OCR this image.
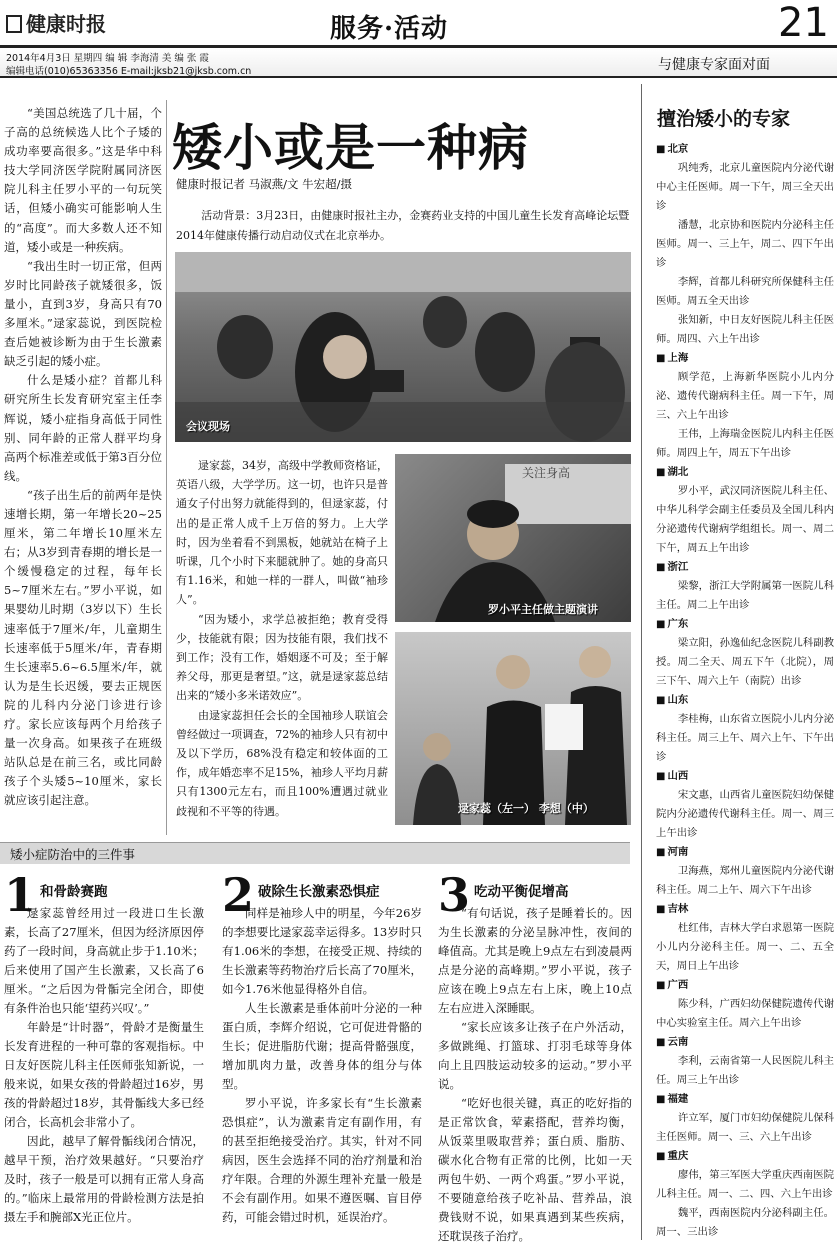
健康时报	服务·活动	21
2014年4月3日 星期四 编 辑 李海清 美 编 张 霞
编辑电话(010)65363356 E-mail:jksb21@jksb.com.cn	与健康专家面对面

“美国总统选了几十届，个子高的总统候选人比个子矮的成功率要高很多。”这是华中科技大学同济医学院附属同济医院儿科主任罗小平的一句玩笑话，但矮小确实可能影响人生的“高度”。而大多数人还不知道，矮小或是一种疾病。

“我出生时一切正常，但两岁时比同龄孩子就矮很多，饭量小，直到3岁，身高只有70多厘米。”逯家蕊说，到医院检查后她被诊断为由于生长激素缺乏引起的矮小症。

什么是矮小症？首都儿科研究所生长发育研究室主任李辉说，矮小症指身高低于同性别、同年龄的正常人群平均身高两个标准差或低于第3百分位线。

“孩子出生后的前两年是快速增长期，第一年增长20~25厘米，第二年增长10厘米左右；从3岁到青春期的增长是一个缓慢稳定的过程，每年长5~7厘米左右。”罗小平说，如果婴幼儿时期（3岁以下）生长速率低于7厘米/年，儿童期生长速率低于5厘米/年，青春期生长速率5.6~6.5厘米/年，就认为是生长迟缓，要去正规医院的儿科内分泌门诊进行诊疗。家长应该每两个月给孩子量一次身高。如果孩子在班级站队总是在前三名，或比同龄孩子个头矮5~10厘米，家长就应该引起注意。

矮小或是一种病
健康时报记者 马淑燕/文 牛宏超/摄
活动背景：3月23日，由健康时报社主办，金赛药业支持的中国儿童生长发育高峰论坛暨2014年健康传播行动启动仪式在北京举办。
会议现场

逯家蕊，34岁，高级中学教师资格证，英语八级，大学学历。这一切，也许只是普通女子付出努力就能得到的，但逯家蕊，付出的是正常人成千上万倍的努力。上大学时，因为坐着看不到黑板，她就站在椅子上听课，几个小时下来腿就肿了。她的身高只有1.16米，和她一样的一群人，叫做“袖珍人”。

“因为矮小，求学总被拒绝；教育受得少，技能就有限；因为技能有限，我们找不到工作；没有工作，婚姻逐不可及；至于解养父母，那更是奢望。”这，就是逯家蕊总结出来的“矮小多米诺效应”。

由逯家蕊担任会长的全国袖珍人联谊会曾经做过一项调查，72%的袖珍人只有初中及以下学历，68%没有稳定和较体面的工作，成年婚恋率不足15%，袖珍人平均月薪只有1300元左右，而且100%遭遇过就业歧视和不平等的待遇。

关注身高
罗小平主任做主题演讲
逯家蕊（左一） 李想（中）
擅治矮小的专家
■ 北京
巩纯秀，北京儿童医院内分泌代谢中心主任医师。周一下午，周三全天出诊
潘慧，北京协和医院内分泌科主任医师。周一、三上午，周二、四下午出诊
李辉，首都儿科研究所保健科主任医师。周五全天出诊
张知新，中日友好医院儿科主任医师。周四、六上午出诊
■ 上海
顾学范，上海新华医院小儿内分泌、遗传代谢病科主任。周一下午，周三、六上午出诊
王伟，上海瑞金医院儿内科主任医师。周四上午，周五下午出诊
■ 湖北
罗小平，武汉同济医院儿科主任、中华儿科学会副主任委员及全国儿科内分泌遗传代谢病学组组长。周一、周二下午，周五上午出诊
■ 浙江
梁黎，浙江大学附属第一医院儿科主任。周二上午出诊
■ 广东
梁立阳，孙逸仙纪念医院儿科副教授。周二全天、周五下午（北院），周三下午、周六上午（南院）出诊
■ 山东
李桂梅，山东省立医院小儿内分泌科主任。周三上午、周六上午、下午出诊
■ 山西
宋文惠，山西省儿童医院妇幼保健院内分泌遗传代谢科主任。周一、周三上午出诊
■ 河南
卫海燕，郑州儿童医院内分泌代谢科主任。周二上午、周六下午出诊
■ 吉林
杜红伟，吉林大学白求恩第一医院小儿内分泌科主任。周一、二、五全天，周日上午出诊
■ 广西
陈少科，广西妇幼保健院遗传代谢中心实验室主任。周六上午出诊
■ 云南
李利，云南省第一人民医院儿科主任。周三上午出诊
■ 福建
许立军，厦门市妇幼保健院儿保科主任医师。周一、三、六上午出诊
■ 重庆
廖伟，第三军医大学重庆西南医院儿科主任。周一、二、四、六上午出诊
魏平，西南医院内分泌科副主任。周一、三出诊
矮小症防治中的三件事
1 和骨龄赛跑

逯家蕊曾经用过一段进口生长激素，长高了27厘米，但因为经济原因停药了一段时间，身高就止步于1.10米；后来使用了国产生长激素，又长高了6厘米。“之后因为骨骺完全闭合，即使有条件治也只能‘望药兴叹’。”

年龄是“计时器”，骨龄才是衡量生长发育进程的一种可靠的客观指标。中日友好医院儿科主任医师张知新说，一般来说，如果女孩的骨龄超过16岁，男孩的骨龄超过18岁，其骨骺线大多已经闭合，长高机会非常小了。

因此，越早了解骨骺线闭合情况，越早干预，治疗效果越好。“只要治疗及时，孩子一般是可以拥有正常人身高的。”临床上最常用的骨龄检测方法是拍摄左手和腕部X光正位片。

2 破除生长激素恐惧症

同样是袖珍人中的明星，今年26岁的李想要比逯家蕊幸运得多。13岁时只有1.06米的李想，在接受正规、持续的生长激素等药物治疗后长高了70厘米，如今1.76米他显得格外自信。

人生长激素是垂体前叶分泌的一种蛋白质，李辉介绍说，它可促进骨骼的生长；促进脂肪代谢；提高骨骼强度，增加肌肉力量，改善身体的组分与体型。

罗小平说，许多家长有“生长激素恐惧症”，认为激素肯定有副作用，有的甚至拒绝接受治疗。其实，针对不同病因，医生会选择不同的治疗剂量和治疗年限。合理的外源生理补充量一般是不会有副作用。如果不遵医嘱、盲目停药，可能会错过时机，延误治疗。

3 吃动平衡促增高

“有句话说，孩子是睡着长的。因为生长激素的分泌呈脉冲性，夜间的峰值高。尤其是晚上9点左右到凌晨两点是分泌的高峰期。”罗小平说，孩子应该在晚上9点左右上床，晚上10点左右应进入深睡眠。

“家长应该多让孩子在户外活动，多做跳绳、打篮球、打羽毛球等身体向上且四肢运动较多的运动。”罗小平说。

“吃好也很关键，真正的吃好指的是正常饮食，荤素搭配，营养均衡，从饭菜里吸取营养；蛋白质、脂肪、碳水化合物有正常的比例，比如一天两包牛奶、一两个鸡蛋。”罗小平说，不要随意给孩子吃补品、营养品，浪费钱财不说，如果真遇到某些疾病，还耽误孩子治疗。
